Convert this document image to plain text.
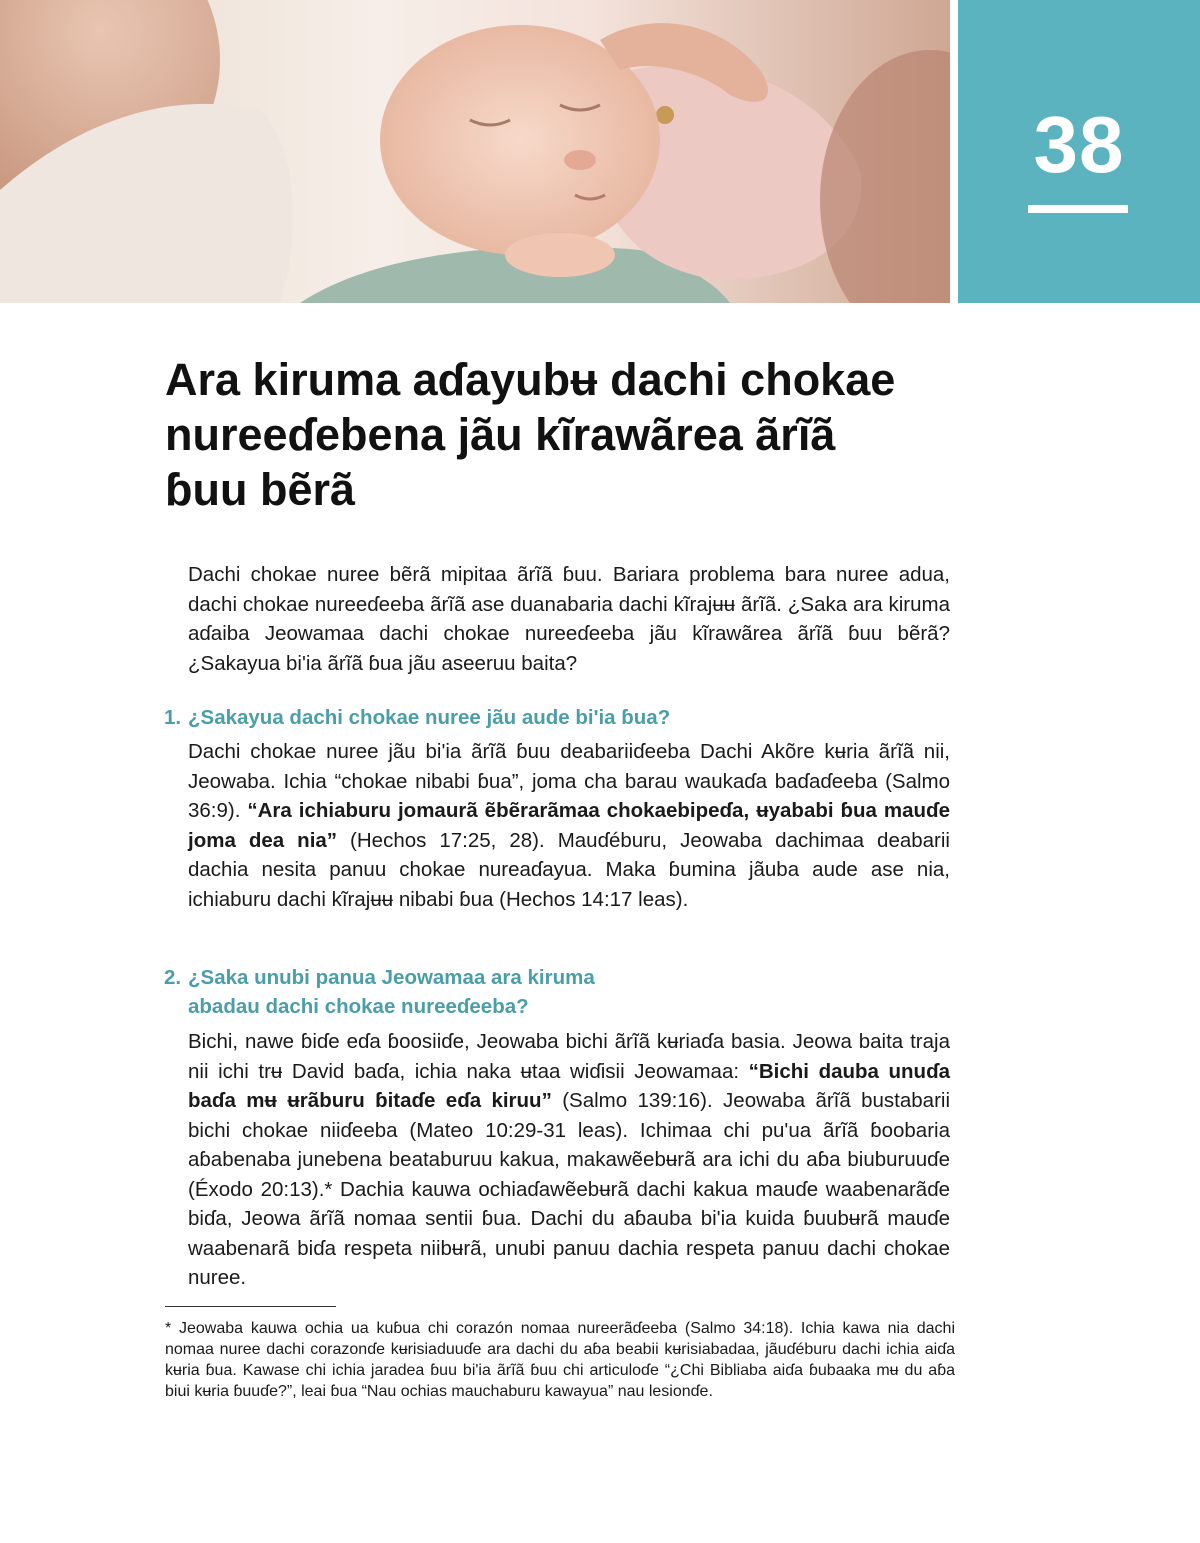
38
Ara kiruma aɗayubʉ dachi chokae nureeɗebena jãu kĩrawãrea ãrĩã ɓuu bẽrã

Dachi chokae nuree bẽrã mipitaa ãrĩã ɓuu. Bariara problema bara nuree adua, dachi chokae nureeɗeeba ãrĩã ase duanabaria dachi kĩrajʉʉ ãrĩã. ¿Saka ara kiruma aɗaiba Jeowamaa dachi chokae nureeɗeeba jãu kĩrawãrea ãrĩã ɓuu bẽrã? ¿Sakayua bi'ia ãrĩã ɓua jãu aseeruu baita?

1. ¿Sakayua dachi chokae nuree jãu aude bi'ia ɓua?

Dachi chokae nuree jãu bi'ia ãrĩã ɓuu deabariiɗeeba Dachi Akõre kʉria ãrĩã nii, Jeowaba. Ichia “chokae nibabi ɓua”, joma cha barau waukaɗa baɗaɗeeba (Salmo 36:9). “Ara ichiaburu jomaurã ẽbẽrarãmaa chokaebipeɗa, ʉyababi ɓua mauɗe joma dea nia” (Hechos 17:25, 28). Mauɗéburu, Jeowaba dachimaa deabarii dachia nesita panuu chokae nureaɗayua. Maka ɓumina jãuba aude ase nia, ichiaburu dachi kĩrajʉʉ nibabi ɓua (Hechos 14:17 leas).

2. ¿Saka unubi panua Jeowamaa ara kiruma
abadau dachi chokae nureeɗeeba?

Bichi, nawe ɓiɗe eɗa ɓoosiiɗe, Jeowaba bichi ãrĩã kʉriaɗa basia. Jeowa baita traja nii ichi trʉ David baɗa, ichia naka ʉtaa wiɗisii Jeowamaa: “Bichi dauba unuɗa baɗa mʉ ʉrãburu ɓitaɗe eɗa kiruu” (Salmo 139:16). Jeowaba ãrĩã bustabarii bichi chokae niiɗeeba (Mateo 10:29-31 leas). Ichimaa chi pu'ua ãrĩã ɓoobaria aɓabenaba junebena beataburuu kakua, makawẽebʉrã ara ichi du aɓa biuburuuɗe (Éxodo 20:13).* Dachia kauwa ochiaɗawẽebʉrã dachi kakua mauɗe waabenarãɗe biɗa, Jeowa ãrĩã nomaa sentii ɓua. Dachi du aɓauba bi'ia kuida ɓuubʉrã mauɗe waabenarã biɗa respeta niibʉrã, unubi panuu dachia respeta panuu dachi chokae nuree.

* Jeowaba kauwa ochia ua kuɓua chi corazón nomaa nureerãɗeeba (Salmo 34:18). Ichia kawa nia dachi nomaa nuree dachi corazonɗe kʉrisiaduuɗe ara dachi du aɓa beabii kʉrisiabadaa, jãuɗéburu dachi ichia aiɗa kʉria ɓua. Kawase chi ichia jaradea ɓuu bi'ia ãrĩã ɓuu chi articuloɗe “¿Chi Bibliaba aiɗa ɓubaaka mʉ du aɓa biui kʉria ɓuuɗe?”, leai ɓua “Nau ochias mauchaburu kawayua” nau lesionɗe.
